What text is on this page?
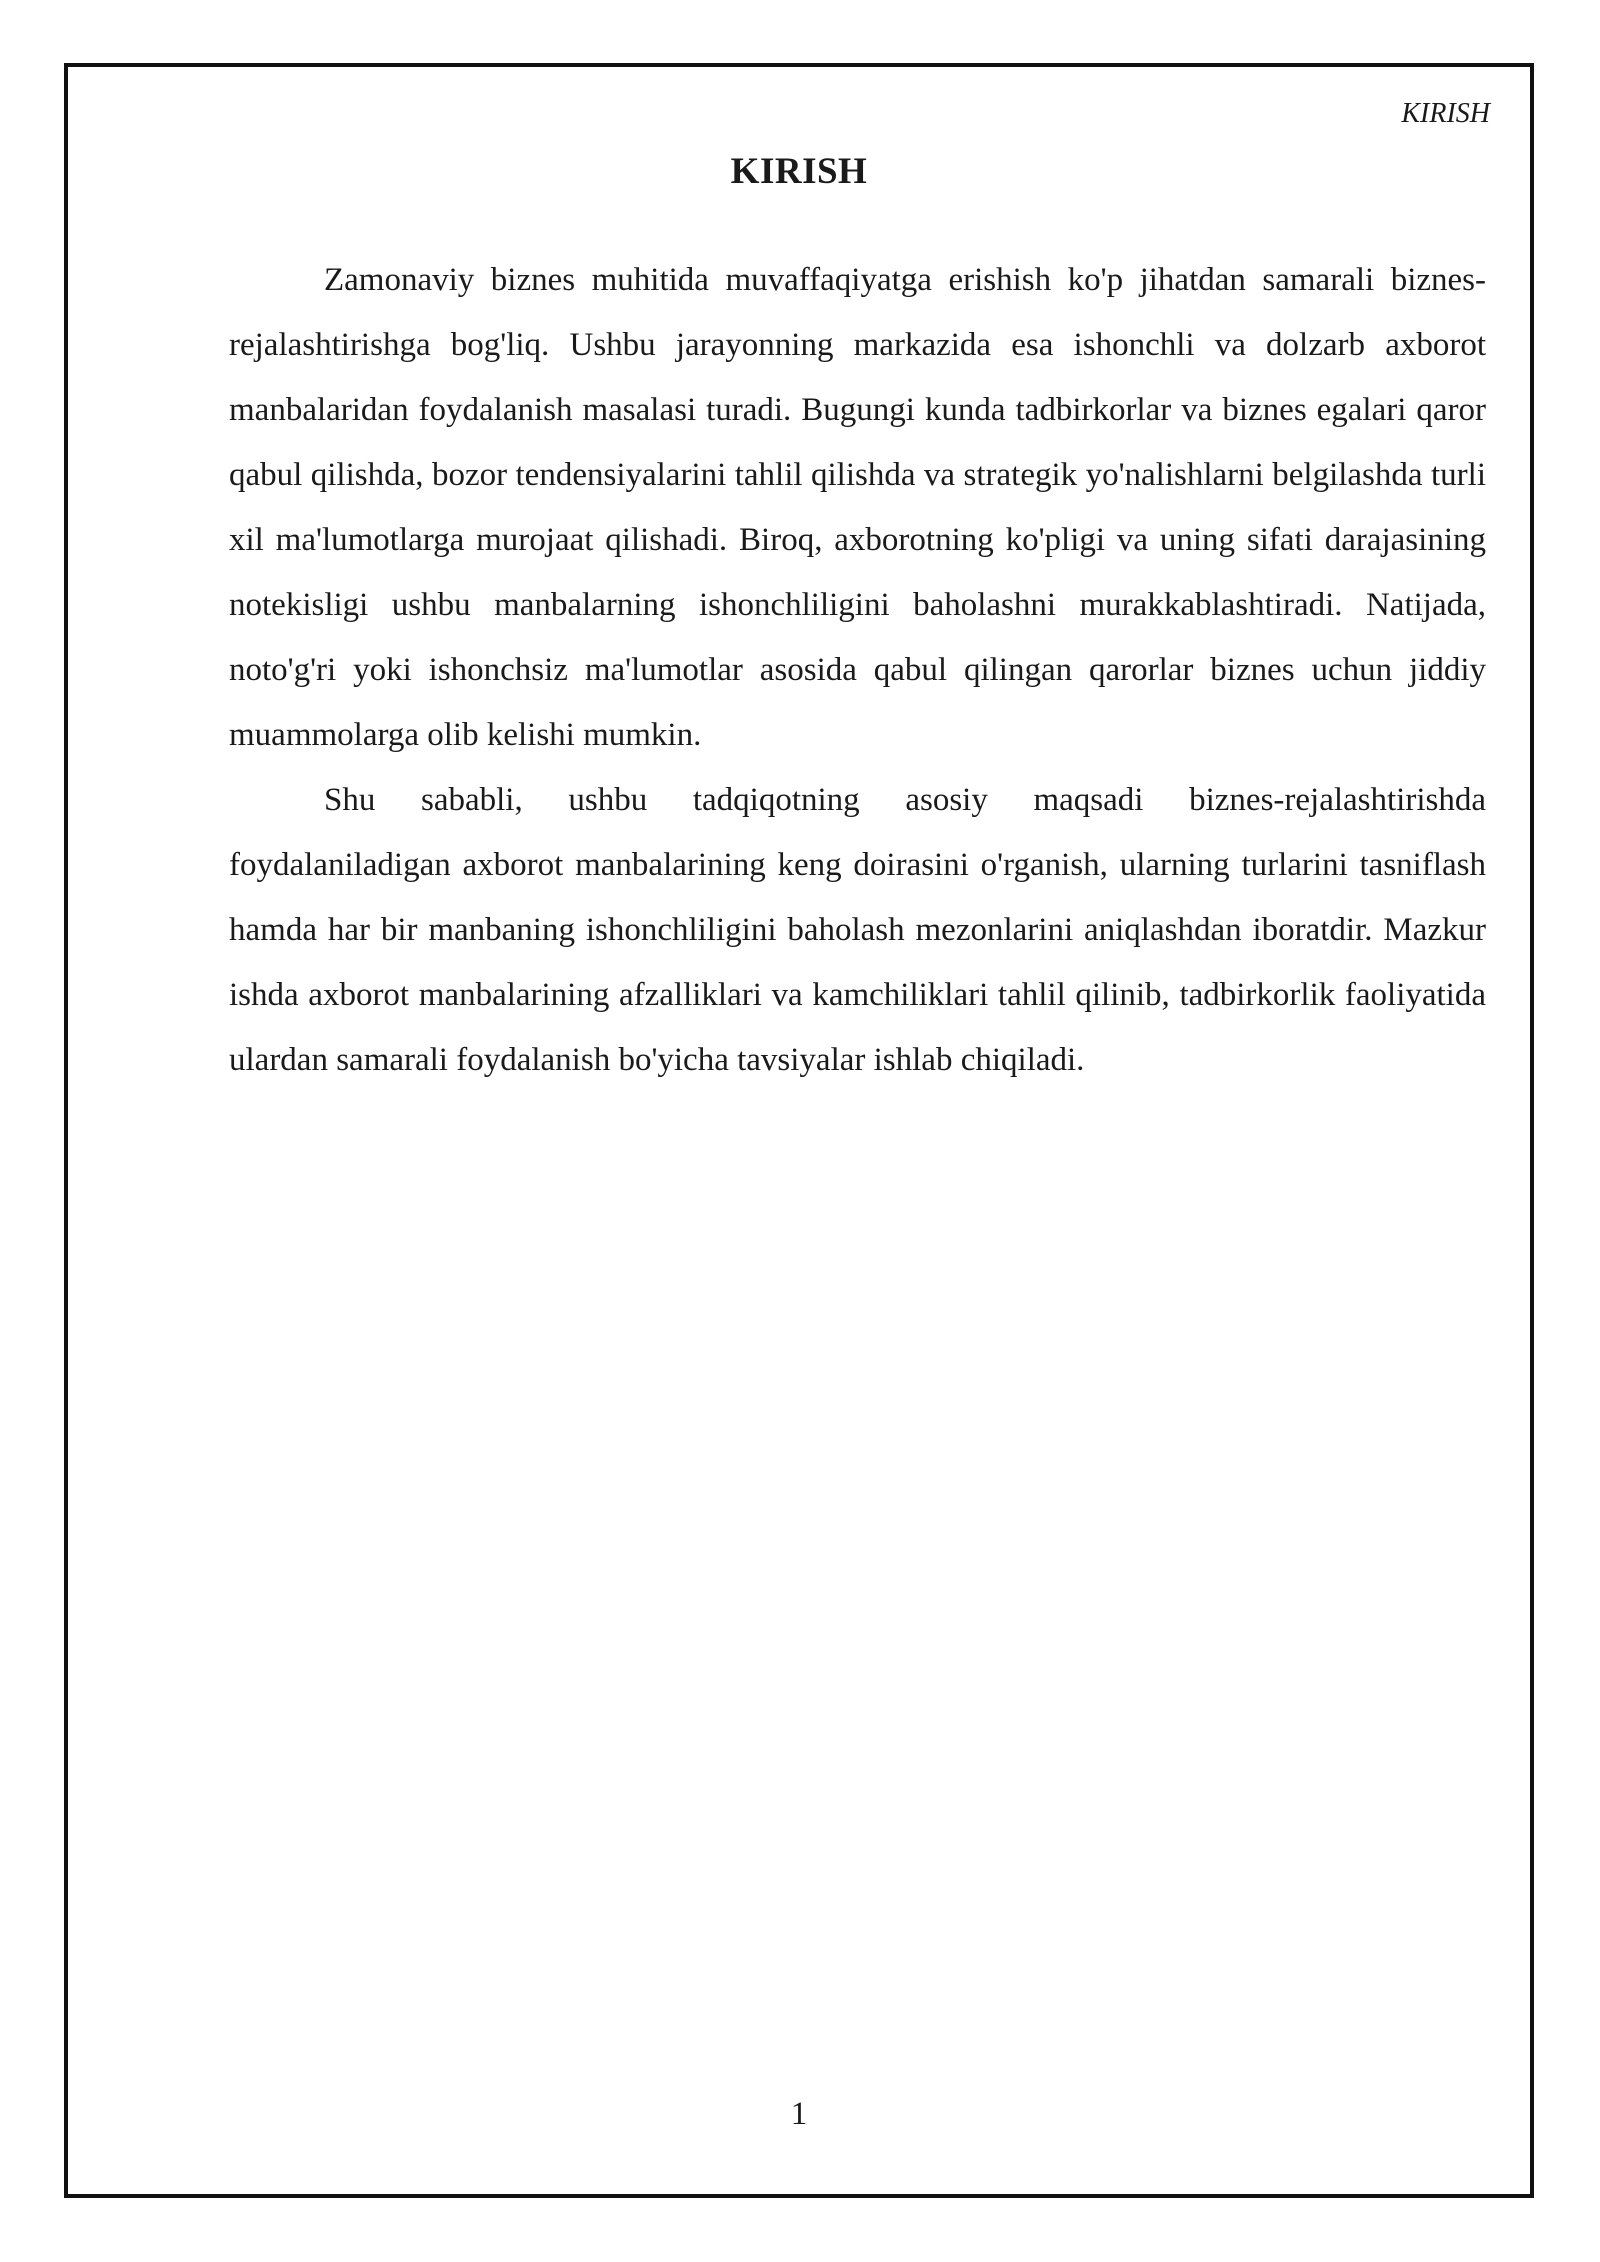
KIRISH
KIRISH

Zamonaviy biznes muhitida muvaffaqiyatga erishish ko'p jihatdan samarali biznes-rejalashtirishga bog'liq. Ushbu jarayonning markazida esa ishonchli va dolzarb axborot manbalaridan foydalanish masalasi turadi. Bugungi kunda tadbirkorlar va biznes egalari qaror qabul qilishda, bozor tendensiyalarini tahlil qilishda va strategik yo'nalishlarni belgilashda turli xil ma'lumotlarga murojaat qilishadi. Biroq, axborotning ko'pligi va uning sifati darajasining notekisligi ushbu manbalarning ishonchliligini baholashni murakkablashtiradi. Natijada, noto'g'ri yoki ishonchsiz ma'lumotlar asosida qabul qilingan qarorlar biznes uchun jiddiy muammolarga olib kelishi mumkin.

Shu sababli, ushbu tadqiqotning asosiy maqsadi biznes-rejalashtirishda foydalaniladigan axborot manbalarining keng doirasini o'rganish, ularning turlarini tasniflash hamda har bir manbaning ishonchliligini baholash mezonlarini aniqlashdan iboratdir. Mazkur ishda axborot manbalarining afzalliklari va kamchiliklari tahlil qilinib, tadbirkorlik faoliyatida ulardan samarali foydalanish bo'yicha tavsiyalar ishlab chiqiladi.

1
